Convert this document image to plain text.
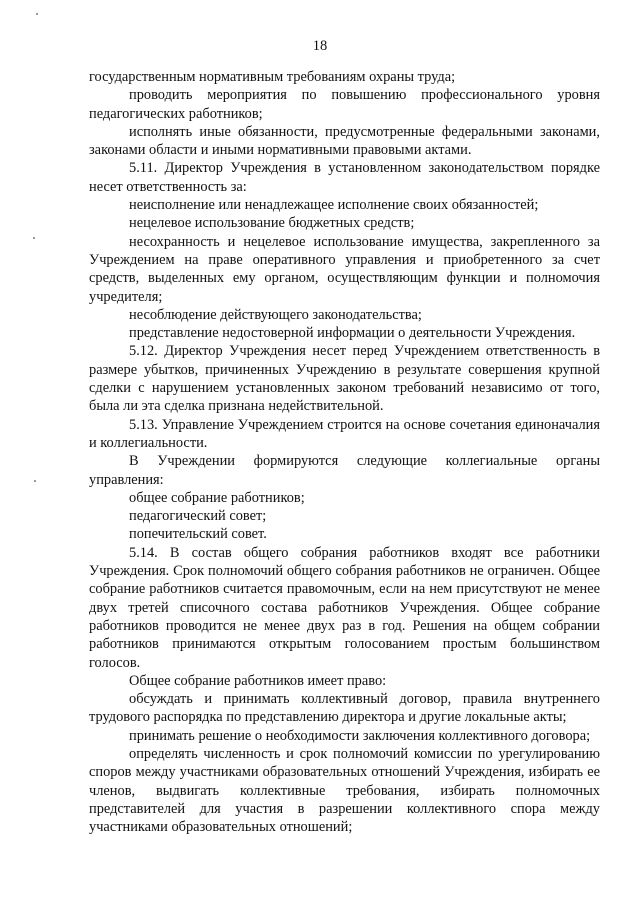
18

государственным нормативным требованиям охраны труда;

проводить мероприятия по повышению профессионального уровня педагогических работников;

исполнять иные обязанности, предусмотренные федеральными законами, законами области и иными нормативными правовыми актами.

5.11. Директор Учреждения в установленном законодательством порядке несет ответственность за:

неисполнение или ненадлежащее исполнение своих обязанностей;

нецелевое использование бюджетных средств;

несохранность и нецелевое использование имущества, закрепленного за Учреждением на праве оперативного управления и приобретенного за счет средств, выделенных ему органом, осуществляющим функции и полномочия учредителя;

несоблюдение действующего законодательства;

представление недостоверной информации о деятельности Учреждения.

5.12. Директор Учреждения несет перед Учреждением ответственность в размере убытков, причиненных Учреждению в результате совершения крупной сделки с нарушением установленных законом требований независимо от того, была ли эта сделка признана недействительной.

5.13. Управление Учреждением строится на основе сочетания единоначалия и коллегиальности.

В Учреждении формируются следующие коллегиальные органы управления:

общее собрание работников;

педагогический совет;

попечительский совет.

5.14. В состав общего собрания работников входят все работники Учреждения. Срок полномочий общего собрания работников не ограничен. Общее собрание работников считается правомочным, если на нем присутствуют не менее двух третей списочного состава работников Учреждения. Общее собрание работников проводится не менее двух раз в год. Решения на общем собрании работников принимаются открытым голосованием простым большинством голосов.

Общее собрание работников имеет право:

обсуждать и принимать коллективный договор, правила внутреннего трудового распорядка по представлению директора и другие локальные акты;

принимать решение о необходимости заключения коллективного договора;

определять численность и срок полномочий комиссии по урегулированию споров между участниками образовательных отношений Учреждения, избирать ее членов, выдвигать коллективные требования, избирать полномочных представителей для участия в разрешении коллективного спора между участниками образовательных отношений;
